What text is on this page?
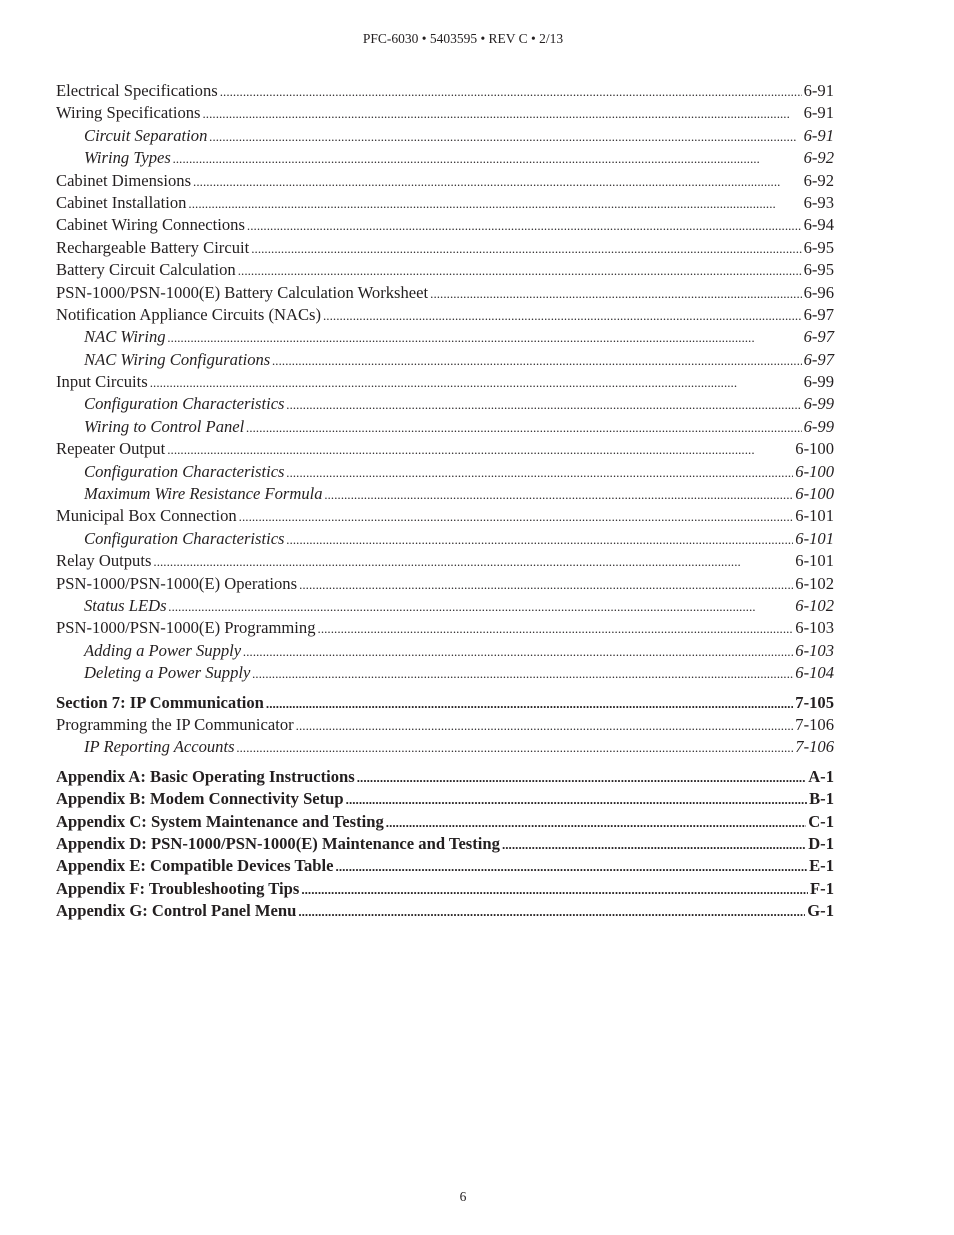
PFC-6030 • 5403595 • REV C • 2/13
Electrical Specifications . . .	6-91
Wiring Specifications . . .	6-91
Circuit Separation . . .	6-91
Wiring Types . . .	6-92
Cabinet Dimensions . . .	6-92
Cabinet Installation . . .	6-93
Cabinet Wiring Connections . . .	6-94
Rechargeable Battery Circuit . . .	6-95
Battery Circuit Calculation . . .	6-95
PSN-1000/PSN-1000(E) Battery Calculation Worksheet . . .	6-96
Notification Appliance Circuits (NACs) . . .	6-97
NAC Wiring . . .	6-97
NAC Wiring Configurations . . .	6-97
Input Circuits . . .	6-99
Configuration Characteristics . . .	6-99
Wiring to Control Panel . . .	6-99
Repeater Output . . .	6-100
Configuration Characteristics . . .	6-100
Maximum Wire Resistance Formula . . .	6-100
Municipal Box Connection . . .	6-101
Configuration Characteristics . . .	6-101
Relay Outputs . . .	6-101
PSN-1000/PSN-1000(E) Operations . . .	6-102
Status LEDs . . .	6-102
PSN-1000/PSN-1000(E) Programming . . .	6-103
Adding a Power Supply . . .	6-103
Deleting a Power Supply . . .	6-104
Section 7: IP Communication . . .	7-105
Programming the IP Communicator . . .	7-106
IP Reporting Accounts . . .	7-106
Appendix A: Basic Operating Instructions . . .	A-1
Appendix B: Modem Connectivity Setup . . .	B-1
Appendix C: System Maintenance and Testing . . .	C-1
Appendix D: PSN-1000/PSN-1000(E) Maintenance and Testing . . .	D-1
Appendix E: Compatible Devices Table . . .	E-1
Appendix F: Troubleshooting Tips . . .	F-1
Appendix G: Control Panel Menu . . .	G-1
6
